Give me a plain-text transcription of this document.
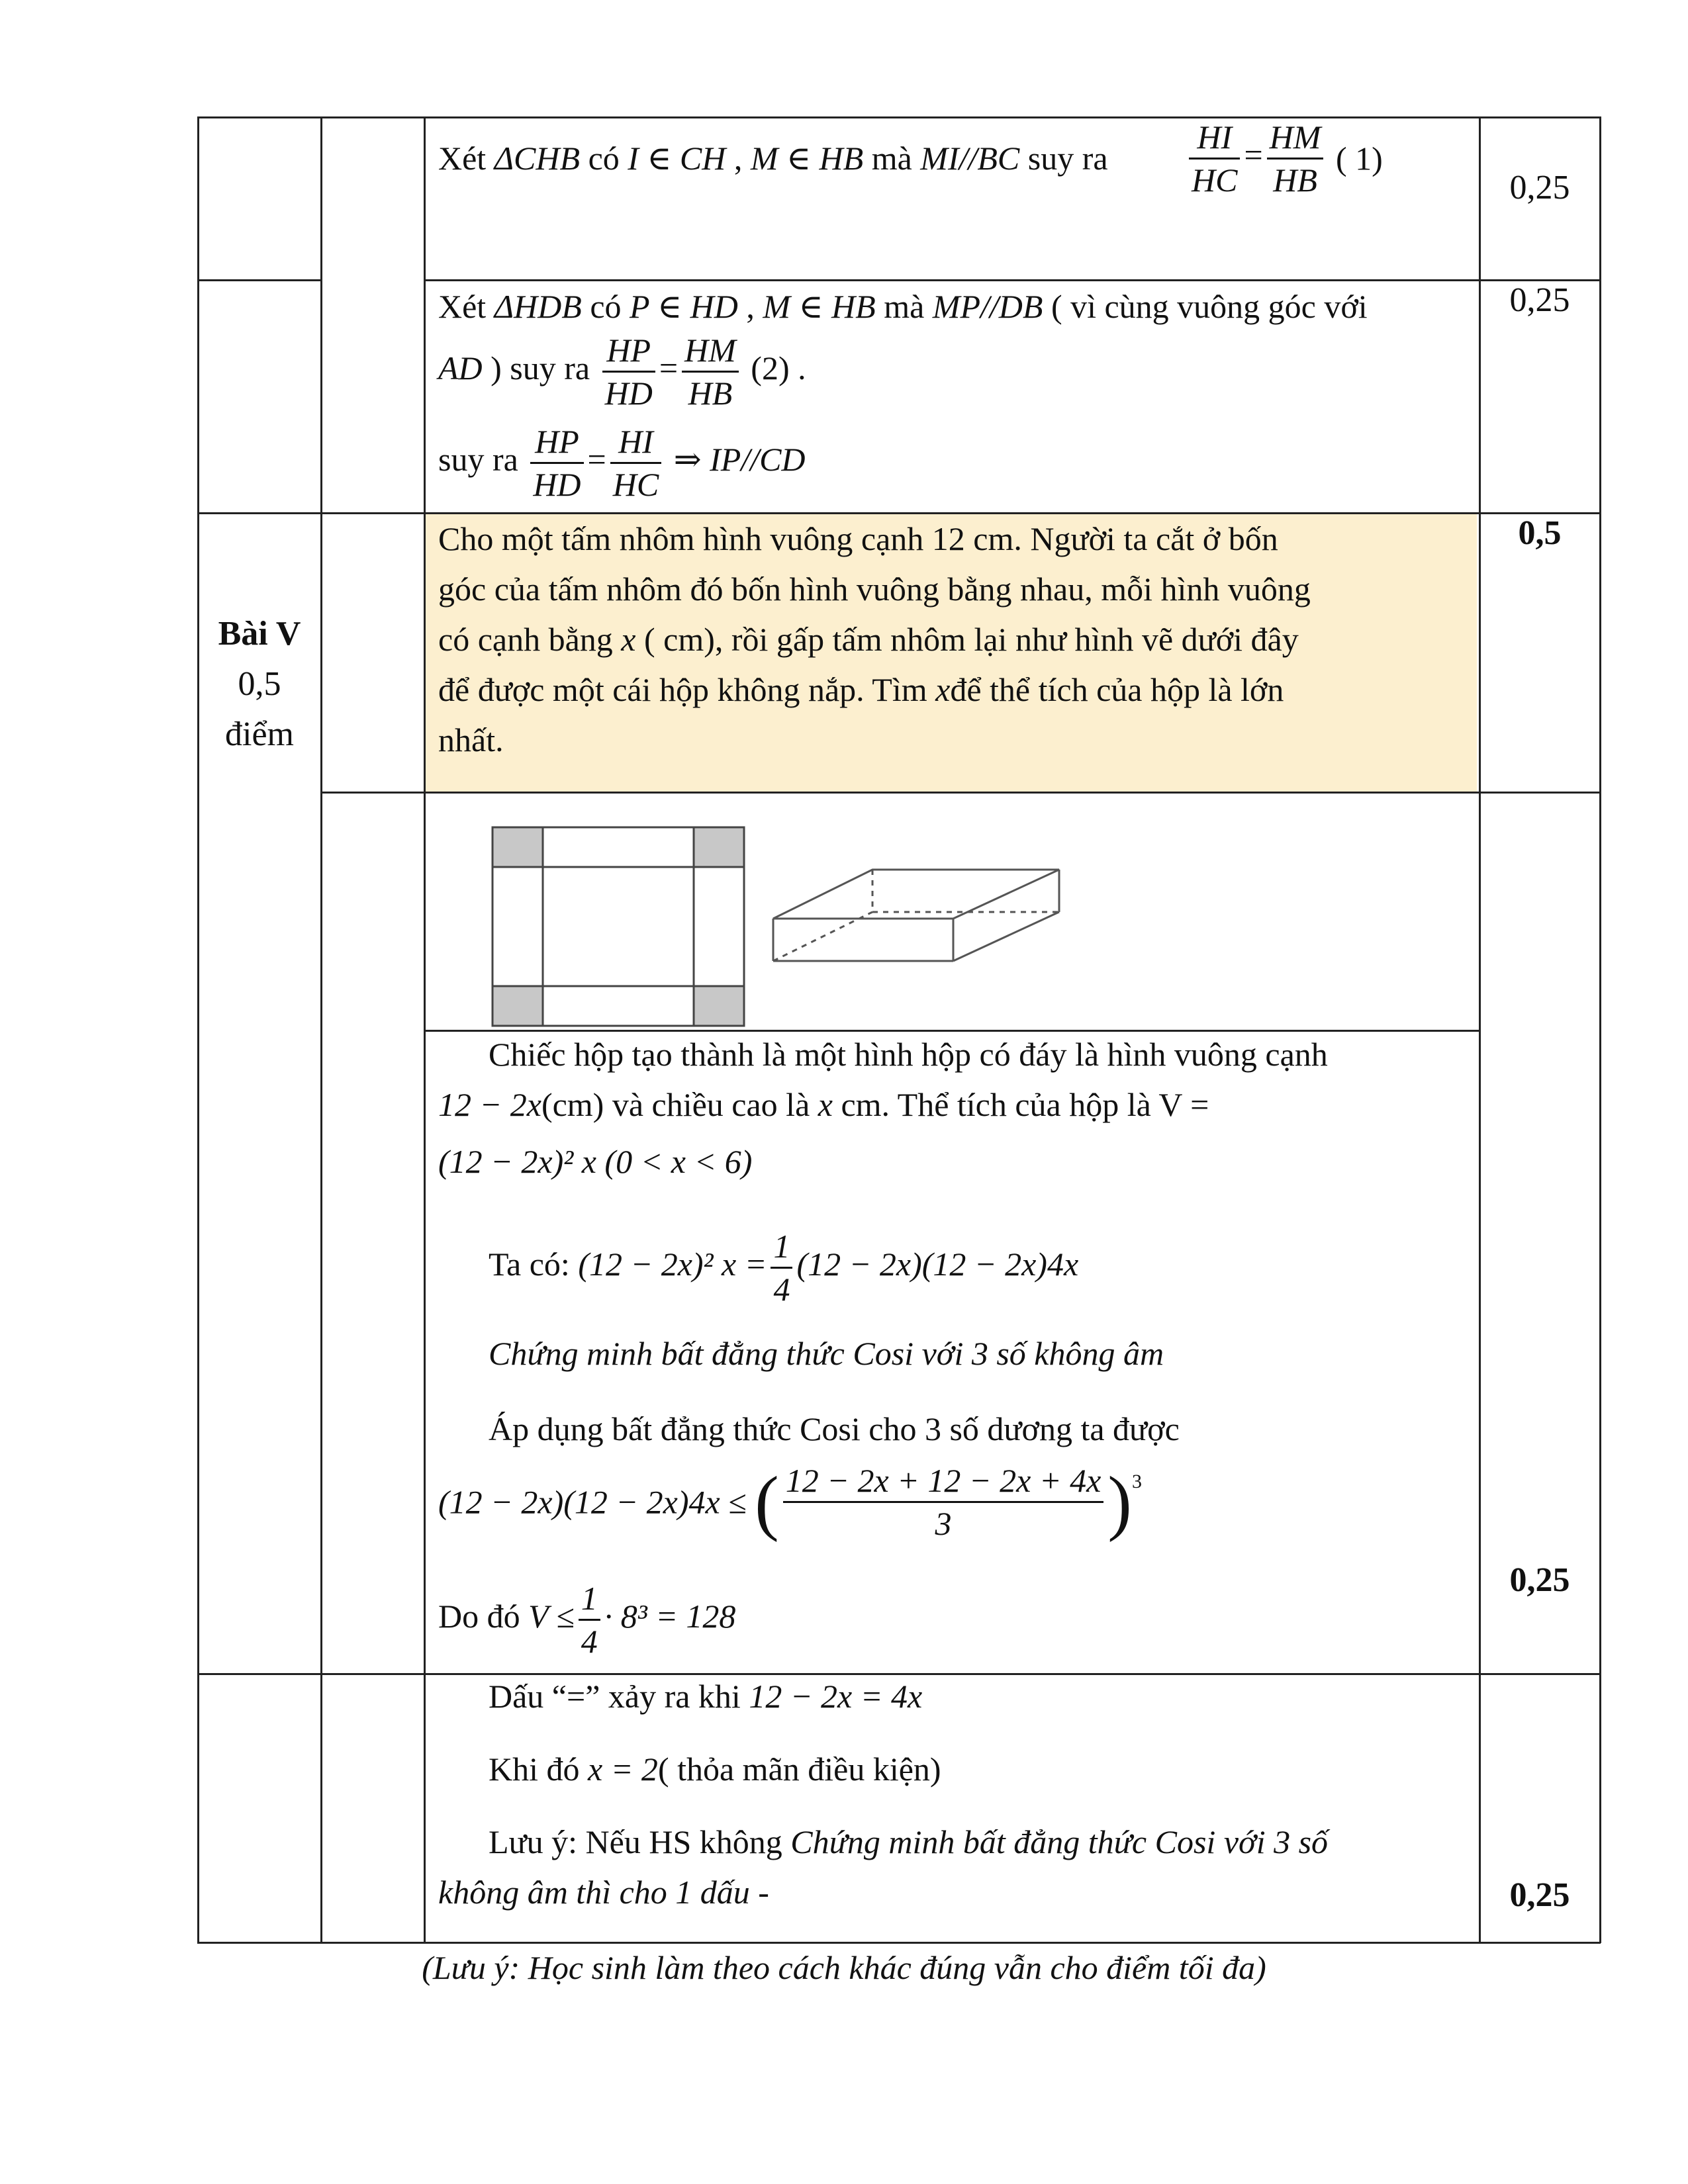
Xét ΔCHB có I ∈ CH , M ∈ HB mà MI//BC suy ra $\frac{HI}{HC} = \frac{HM}{HB}$ ( 1)
0,25
Xét ΔHDB có P ∈ HD , M ∈ HB mà MP//DB ( vì cùng vuông góc với
AD ) suy ra $\frac{HP}{HD} = \frac{HM}{HB} (2)$ .
suy ra $\frac{HP}{HD} = \frac{HI}{HC}$ ⇒ IP//CD
0,25
Bài V
0,5
điểm
Cho một tấm nhôm hình vuông cạnh 12 cm. Người ta cắt ở bốn
góc của tấm nhôm đó bốn hình vuông bằng nhau, mỗi hình vuông
có cạnh bằng x ( cm), rồi gấp tấm nhôm lại như hình vẽ dưới đây
để được một cái hộp không nắp. Tìm xđể thể tích của hộp là lớn
nhất.
0,5
Chiếc hộp tạo thành là một hình hộp có đáy là hình vuông cạnh
12 − 2x(cm) và chiều cao là x cm. Thể tích của hộp là V =
(12 − 2x)² x (0 < x < 6)
Ta có: (12 − 2x)² $x = \frac{1}{4} (12 - 2x)(12 - 2x)4x$
Chứng minh bất đẳng thức Cosi với 3 số không âm
Áp dụng bất đẳng thức Cosi cho 3 số dương ta được
(12 − 2x)(12 − 2x)4x ≤ ( $\frac{12 - 2x + 12 - 2x + 4x}{3} )^3$
Do đó $V \le \frac{1}{4} \cdot 8^3 = 128$
0,25
Dấu “=” xảy ra khi 12 − 2x = 4x
Khi đó x = 2( thỏa mãn điều kiện)
Lưu ý: Nếu HS không Chứng minh bất đẳng thức Cosi với 3 số
không âm thì cho 1 dấu -	0,25
(Lưu ý: Học sinh làm theo cách khác đúng vẫn cho điểm tối đa)
